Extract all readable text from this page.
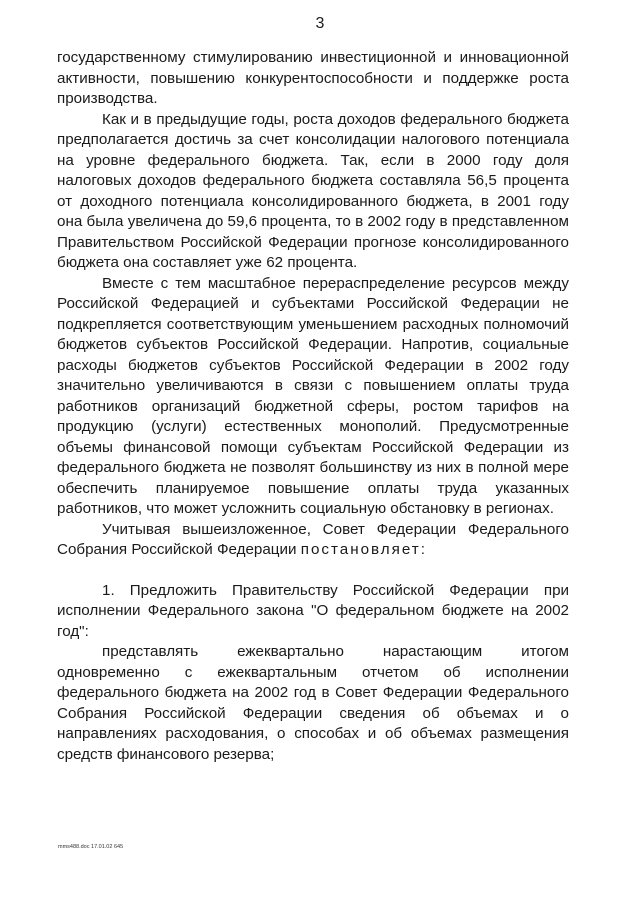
3

государственному стимулированию инвестиционной и инновационной активности, повышению конкурентоспособности и поддержке роста производства.

Как и в предыдущие годы, роста доходов федерального бюджета предполагается достичь за счет консолидации налогового потенциала на уровне федерального бюджета. Так, если в 2000 году доля налоговых доходов федерального бюджета составляла 56,5 процента от доходного потенциала консолидированного бюджета, в 2001 году она была увеличена до 59,6 процента, то в 2002 году в представленном Правительством Российской Федерации прогнозе консолидированного бюджета она составляет уже 62 процента.

Вместе с тем масштабное перераспределение ресурсов между Российской Федерацией и субъектами Российской Федерации не подкрепляется соответствующим уменьшением расходных полномочий бюджетов субъектов Российской Федерации. Напротив, социальные расходы бюджетов субъектов Российской Федерации в 2002 году значительно увеличиваются в связи с повышением оплаты труда работников организаций бюджетной сферы, ростом тарифов на продукцию (услуги) естественных монополий. Предусмотренные объемы финансовой помощи субъектам Российской Федерации из федерального бюджета не позволят большинству из них в полной мере обеспечить планируемое повышение оплаты труда указанных работников, что может усложнить социальную обстановку в регионах.

Учитывая вышеизложенное, Совет Федерации Федерального Собрания Российской Федерации постановляет:

1. Предложить Правительству Российской Федерации при исполнении Федерального закона "О федеральном бюджете на 2002 год":

представлять ежеквартально нарастающим итогом одновременно с ежеквартальным отчетом об исполнении федерального бюджета на 2002 год в Совет Федерации Федерального Собрания Российской Федерации сведения об объемах и о направлениях расходования, о способах и об объемах размещения средств финансового резерва;

mms488.doc 17.01.02 645
